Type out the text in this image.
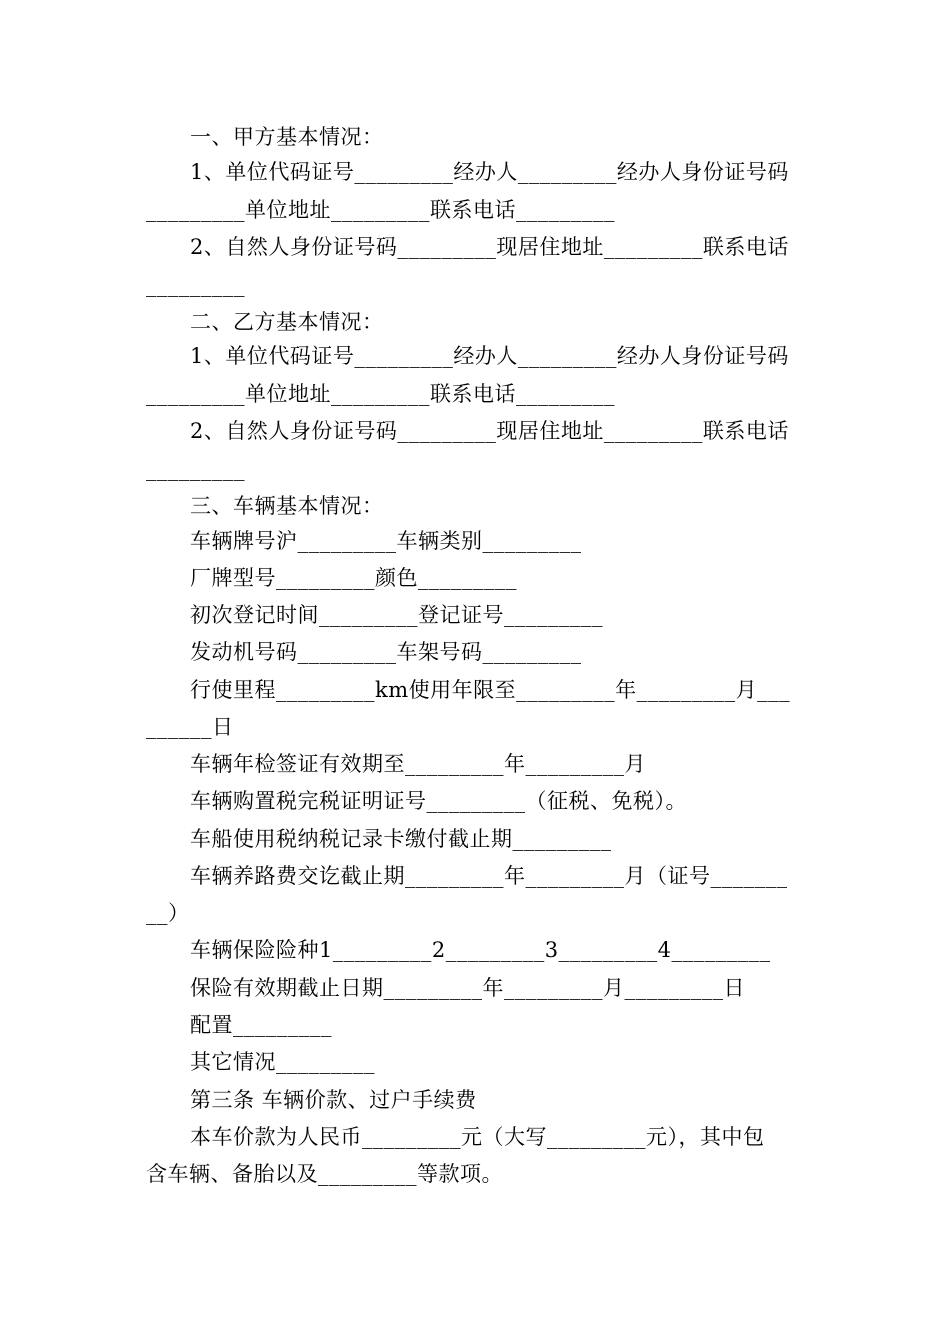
一、甲方基本情况：
1、单位代码证号_________经办人_________经办人身份证号码
_________单位地址_________联系电话_________
2、自然人身份证号码_________现居住地址_________联系电话
_________
二、乙方基本情况：
1、单位代码证号_________经办人_________经办人身份证号码
_________单位地址_________联系电话_________
2、自然人身份证号码_________现居住地址_________联系电话
_________
三、车辆基本情况：
车辆牌号沪_________车辆类别_________
厂牌型号_________颜色_________
初次登记时间_________登记证号_________
发动机号码_________车架号码_________
行使里程_________km使用年限至_________年_________月___
______日
车辆年检签证有效期至_________年_________月
车辆购置税完税证明证号_________（征税、免税）。
车船使用税纳税记录卡缴付截止期_________
车辆养路费交讫截止期_________年_________月（证号_______
__）
车辆保险险种1_________2_________3_________4_________
保险有效期截止日期_________年_________月_________日
配置_________
其它情况_________
第三条 车辆价款、过户手续费
本车价款为人民币_________元（大写_________元），其中包
含车辆、备胎以及_________等款项。
